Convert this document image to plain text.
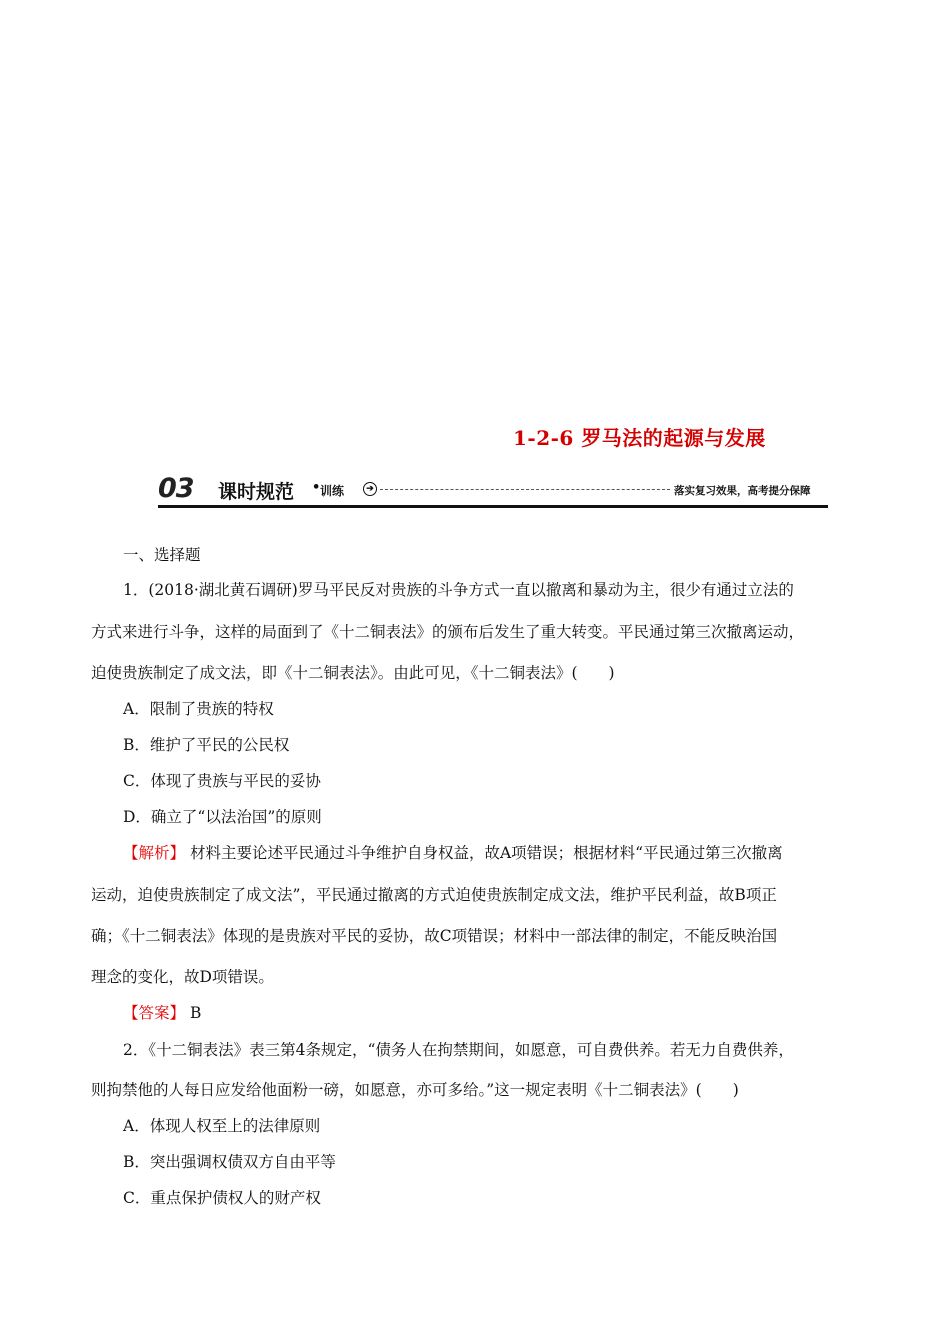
1-2-6 罗马法的起源与发展
03	课时规范 • 训练	➔	落实复习效果，高考提分保障
一、选择题
1．(2018·湖北黄石调研)罗马平民反对贵族的斗争方式一直以撤离和暴动为主，很少有通过立法的
方式来进行斗争，这样的局面到了《十二铜表法》的颁布后发生了重大转变。平民通过第三次撤离运动，
迫使贵族制定了成文法，即《十二铜表法》。由此可见，《十二铜表法》(　　)
A．限制了贵族的特权
B．维护了平民的公民权
C．体现了贵族与平民的妥协
D．确立了“以法治国”的原则
【解析】 材料主要论述平民通过斗争维护自身权益，故A项错误；根据材料“平民通过第三次撤离
运动，迫使贵族制定了成文法”，平民通过撤离的方式迫使贵族制定成文法，维护平民利益，故B项正
确；《十二铜表法》体现的是贵族对平民的妥协，故C项错误；材料中一部法律的制定，不能反映治国
理念的变化，故D项错误。
【答案】 B
2．《十二铜表法》表三第4条规定，“债务人在拘禁期间，如愿意，可自费供养。若无力自费供养，
则拘禁他的人每日应发给他面粉一磅，如愿意，亦可多给。”这一规定表明《十二铜表法》(　　)
A．体现人权至上的法律原则
B．突出强调权债双方自由平等
C．重点保护债权人的财产权
